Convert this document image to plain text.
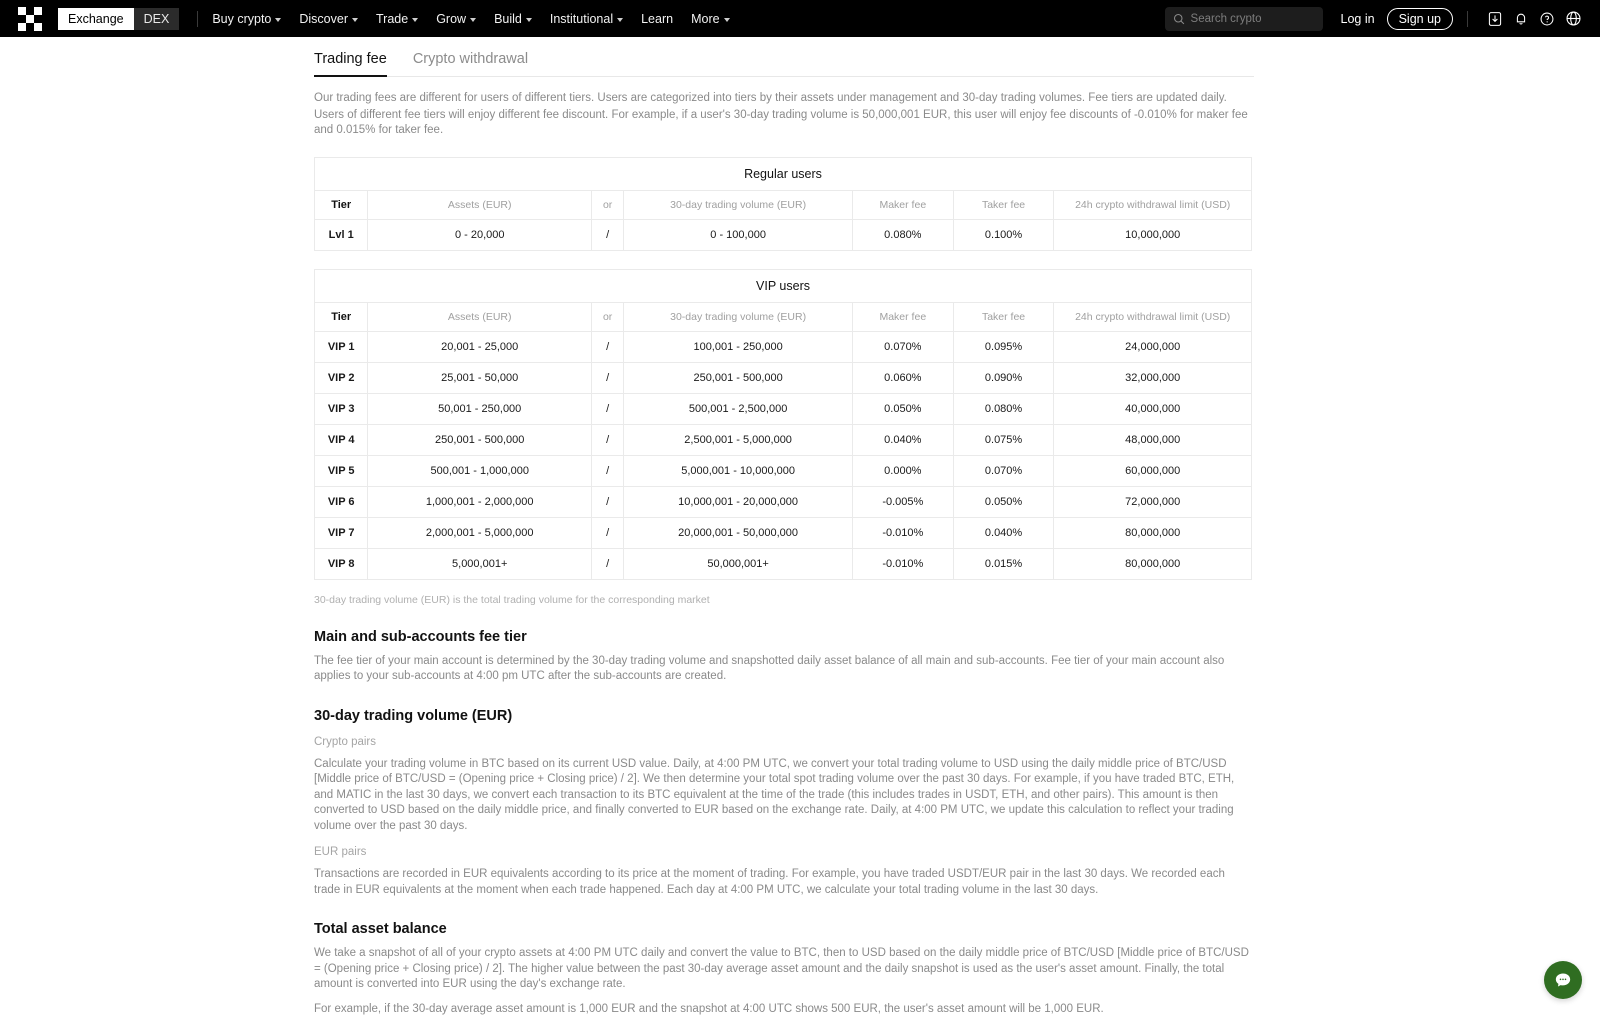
Exchange	DEX	Buy crypto Discover Trade Grow Build Institutional Learn More
Search crypto	Log in	Sign up
Trading fee Crypto withdrawal

Our trading fees are different for users of different tiers. Users are categorized into tiers by their assets under management and 30-day trading volumes. Fee tiers are updated daily.

Users of different fee tiers will enjoy different fee discount. For example, if a user's 30-day trading volume is 50,000,001 EUR, this user will enjoy fee discounts of -0.010% for maker fee and 0.015% for taker fee.

Regular users						
Tier	Assets (EUR)	or	30-day trading volume (EUR)	Maker fee	Taker fee	24h crypto withdrawal limit (USD)
Lvl 1	0 - 20,000	/	0 - 100,000	0.080%	0.100%	10,000,000
VIP users						
Tier	Assets (EUR)	or	30-day trading volume (EUR)	Maker fee	Taker fee	24h crypto withdrawal limit (USD)
VIP 1	20,001 - 25,000	/	100,001 - 250,000	0.070%	0.095%	24,000,000
VIP 2	25,001 - 50,000	/	250,001 - 500,000	0.060%	0.090%	32,000,000
VIP 3	50,001 - 250,000	/	500,001 - 2,500,000	0.050%	0.080%	40,000,000
VIP 4	250,001 - 500,000	/	2,500,001 - 5,000,000	0.040%	0.075%	48,000,000
VIP 5	500,001 - 1,000,000	/	5,000,001 - 10,000,000	0.000%	0.070%	60,000,000
VIP 6	1,000,001 - 2,000,000	/	10,000,001 - 20,000,000	-0.005%	0.050%	72,000,000
VIP 7	2,000,001 - 5,000,000	/	20,000,001 - 50,000,000	-0.010%	0.040%	80,000,000
VIP 8	5,000,001+	/	50,000,001+	-0.010%	0.015%	80,000,000
30-day trading volume (EUR) is the total trading volume for the corresponding market
Main and sub-accounts fee tier
The fee tier of your main account is determined by the 30-day trading volume and snapshotted daily asset balance of all main and sub-accounts. Fee tier of your main account also applies to your sub-accounts at 4:00 pm UTC after the sub-accounts are created.
30-day trading volume (EUR)
Crypto pairs
Calculate your trading volume in BTC based on its current USD value. Daily, at 4:00 PM UTC, we convert your total trading volume to USD using the daily middle price of BTC/USD [Middle price of BTC/USD = (Opening price + Closing price) / 2]. We then determine your total spot trading volume over the past 30 days. For example, if you have traded BTC, ETH, and MATIC in the last 30 days, we convert each transaction to its BTC equivalent at the time of the trade (this includes trades in USDT, ETH, and other pairs). This amount is then converted to USD based on the daily middle price, and finally converted to EUR based on the exchange rate. Daily, at 4:00 PM UTC, we update this calculation to reflect your trading volume over the past 30 days.
EUR pairs
Transactions are recorded in EUR equivalents according to its price at the moment of trading. For example, you have traded USDT/EUR pair in the last 30 days. We recorded each trade in EUR equivalents at the moment when each trade happened. Each day at 4:00 PM UTC, we calculate your total trading volume in the last 30 days.
Total asset balance
We take a snapshot of all of your crypto assets at 4:00 PM UTC daily and convert the value to BTC, then to USD based on the daily middle price of BTC/USD [Middle price of BTC/USD = (Opening price + Closing price) / 2]. The higher value between the past 30-day average asset amount and the daily snapshot is used as the user's asset amount. Finally, the total amount is converted into EUR using the day's exchange rate.
For example, if the 30-day average asset amount is 1,000 EUR and the snapshot at 4:00 UTC shows 500 EUR, the user's asset amount will be 1,000 EUR.
